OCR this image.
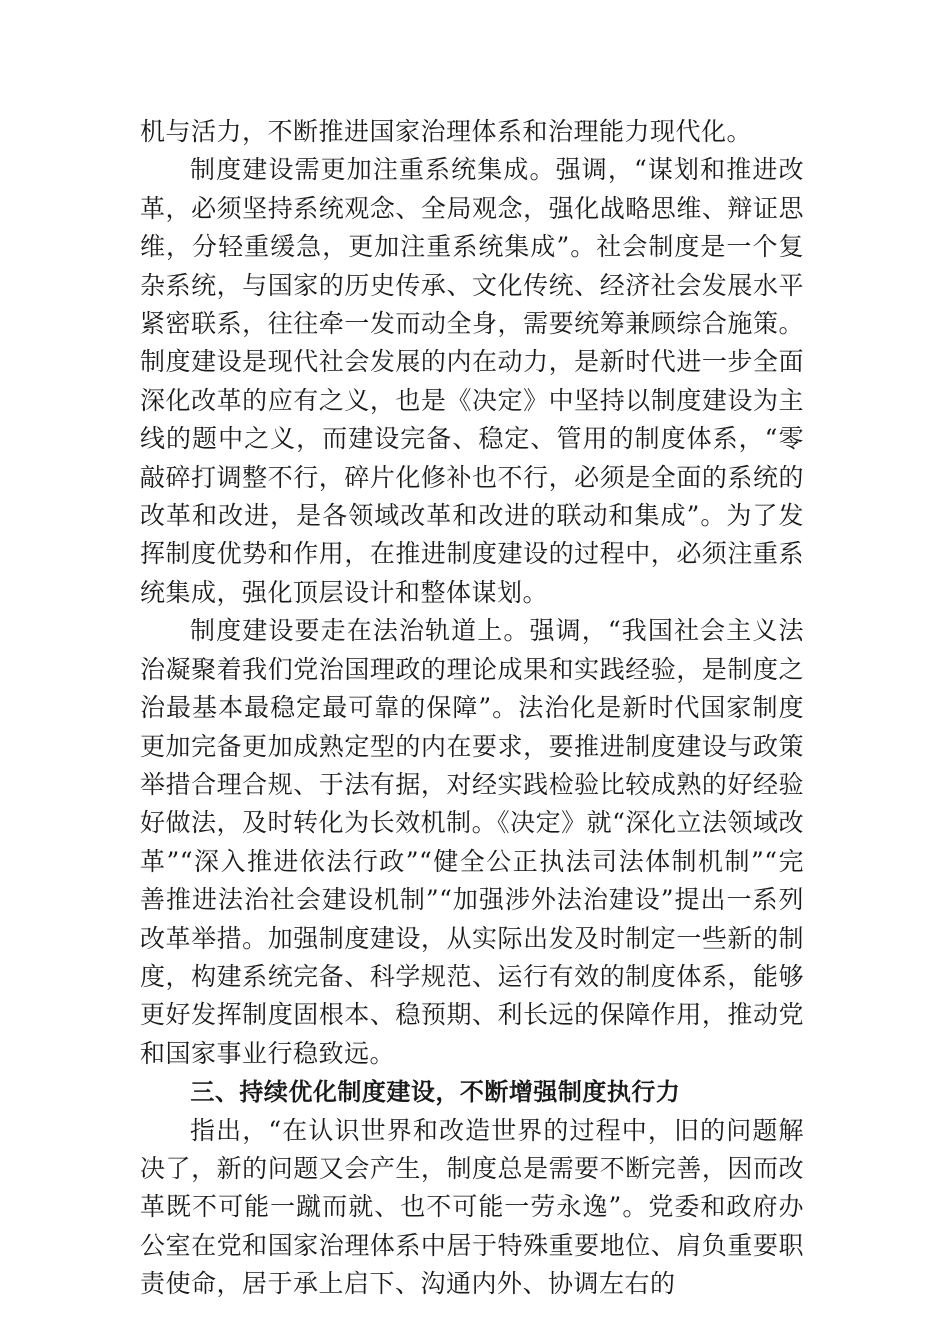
机与活力，不断推进国家治理体系和治理能力现代化。

制度建设需更加注重系统集成。强调，“谋划和推进改革，必须坚持系统观念、全局观念，强化战略思维、辩证思维，分轻重缓急，更加注重系统集成”。社会制度是一个复杂系统，与国家的历史传承、文化传统、经济社会发展水平紧密联系，往往牵一发而动全身，需要统筹兼顾综合施策。制度建设是现代社会发展的内在动力，是新时代进一步全面深化改革的应有之义，也是《决定》中坚持以制度建设为主线的题中之义，而建设完备、稳定、管用的制度体系，“零敲碎打调整不行，碎片化修补也不行，必须是全面的系统的改革和改进，是各领域改革和改进的联动和集成”。为了发挥制度优势和作用，在推进制度建设的过程中，必须注重系统集成，强化顶层设计和整体谋划。

制度建设要走在法治轨道上。强调，“我国社会主义法治凝聚着我们党治国理政的理论成果和实践经验，是制度之治最基本最稳定最可靠的保障”。法治化是新时代国家制度更加完备更加成熟定型的内在要求，要推进制度建设与政策举措合理合规、于法有据，对经实践检验比较成熟的好经验好做法，及时转化为长效机制。《决定》就“深化立法领域改革”“深入推进依法行政”“健全公正执法司法体制机制”“完善推进法治社会建设机制”“加强涉外法治建设”提出一系列改革举措。加强制度建设，从实际出发及时制定一些新的制度，构建系统完备、科学规范、运行有效的制度体系，能够更好发挥制度固根本、稳预期、利长远的保障作用，推动党和国家事业行稳致远。

三、持续优化制度建设，不断增强制度执行力

指出，“在认识世界和改造世界的过程中，旧的问题解决了，新的问题又会产生，制度总是需要不断完善，因而改革既不可能一蹴而就、也不可能一劳永逸”。党委和政府办公室在党和国家治理体系中居于特殊重要地位、肩负重要职责使命，居于承上启下、沟通内外、协调左右的
